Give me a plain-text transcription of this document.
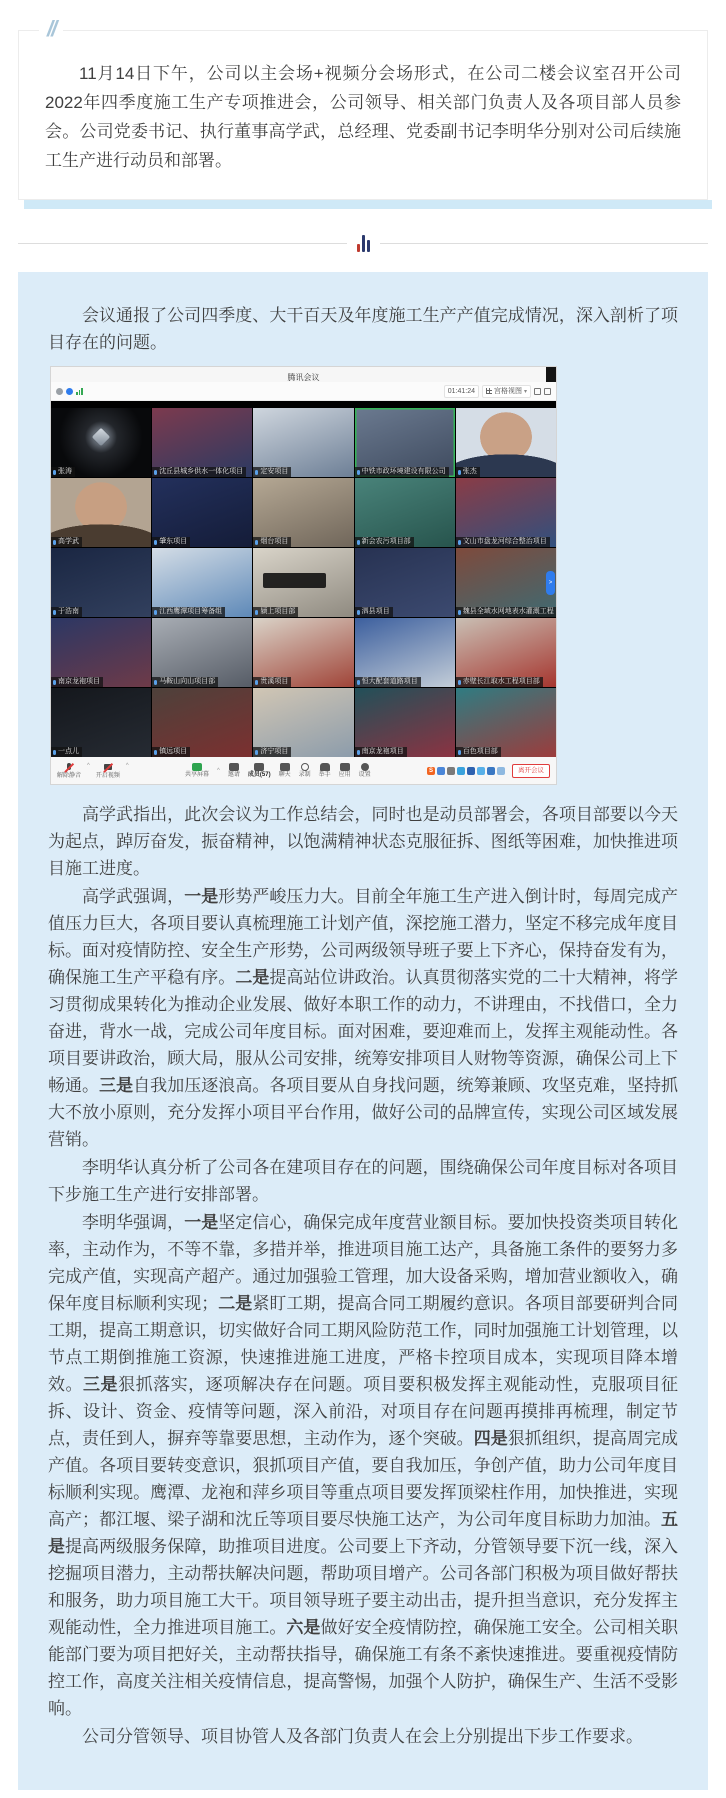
//

11月14日下午，公司以主会场+视频分会场形式，在公司二楼会议室召开公司2022年四季度施工生产专项推进会，公司领导、相关部门负责人及各项目部人员参会。公司党委书记、执行董事高学武，总经理、党委副书记李明华分别对公司后续施工生产进行动员和部署。

会议通报了公司四季度、大干百天及年度施工生产产值完成情况，深入剖析了项目存在的问题。

腾讯会议
01:41:24	宫格视图 ▾
张涛	沈丘县城乡供水一体化项目 定安项目	中铁市政环境建设有限公司 张杰
高学武	肇东项目	烟台项目	新会农污项目部	文山市盘龙河综合整治项目
于浩南	江西鹰潭项目筹备组	颍上项目部	泗县项目
>
魏县全域水网地表水灌溉工程
南京龙袍项目	马鞍山向山项目部	贵溪项目	恒大配套道路项目	赤壁长江取水工程项目部
一点儿	镇远项目	济宁项目	南京龙袍项目	百色项目部
解除静音
^
开启视频
^
共享屏幕
^
邀请 成员(57) 聊天 录制 举手 应用 设置
S	离开会议

高学武指出，此次会议为工作总结会，同时也是动员部署会，各项目部要以今天为起点，踔厉奋发，振奋精神，以饱满精神状态克服征拆、图纸等困难，加快推进项目施工进度。

高学武强调，一是形势严峻压力大。目前全年施工生产进入倒计时，每周完成产值压力巨大，各项目要认真梳理施工计划产值，深挖施工潜力，坚定不移完成年度目标。面对疫情防控、安全生产形势，公司两级领导班子要上下齐心，保持奋发有为，确保施工生产平稳有序。二是提高站位讲政治。认真贯彻落实党的二十大精神，将学习贯彻成果转化为推动企业发展、做好本职工作的动力，不讲理由，不找借口，全力奋进，背水一战，完成公司年度目标。面对困难，要迎难而上，发挥主观能动性。各项目要讲政治，顾大局，服从公司安排，统筹安排项目人财物等资源，确保公司上下畅通。三是自我加压逐浪高。各项目要从自身找问题，统筹兼顾、攻坚克难，坚持抓大不放小原则，充分发挥小项目平台作用，做好公司的品牌宣传，实现公司区域发展营销。

李明华认真分析了公司各在建项目存在的问题，围绕确保公司年度目标对各项目下步施工生产进行安排部署。

李明华强调，一是坚定信心，确保完成年度营业额目标。要加快投资类项目转化率，主动作为，不等不靠，多措并举，推进项目施工达产，具备施工条件的要努力多完成产值，实现高产超产。通过加强验工管理，加大设备采购，增加营业额收入，确保年度目标顺利实现；二是紧盯工期，提高合同工期履约意识。各项目部要研判合同工期，提高工期意识，切实做好合同工期风险防范工作，同时加强施工计划管理，以节点工期倒推施工资源，快速推进施工进度，严格卡控项目成本，实现项目降本增效。三是狠抓落实，逐项解决存在问题。项目要积极发挥主观能动性，克服项目征拆、设计、资金、疫情等问题，深入前沿，对项目存在问题再摸排再梳理，制定节点，责任到人，摒弃等靠要思想，主动作为，逐个突破。四是狠抓组织，提高周完成产值。各项目要转变意识，狠抓项目产值，要自我加压，争创产值，助力公司年度目标顺利实现。鹰潭、龙袍和萍乡项目等重点项目要发挥顶梁柱作用，加快推进，实现高产；都江堰、梁子湖和沈丘等项目要尽快施工达产，为公司年度目标助力加油。五是提高两级服务保障，助推项目进度。公司要上下齐动，分管领导要下沉一线，深入挖掘项目潜力，主动帮扶解决问题，帮助项目增产。公司各部门积极为项目做好帮扶和服务，助力项目施工大干。项目领导班子要主动出击，提升担当意识，充分发挥主观能动性，全力推进项目施工。六是做好安全疫情防控，确保施工安全。公司相关职能部门要为项目把好关，主动帮扶指导，确保施工有条不紊快速推进。要重视疫情防控工作，高度关注相关疫情信息，提高警惕，加强个人防护，确保生产、生活不受影响。

公司分管领导、项目协管人及各部门负责人在会上分别提出下步工作要求。
